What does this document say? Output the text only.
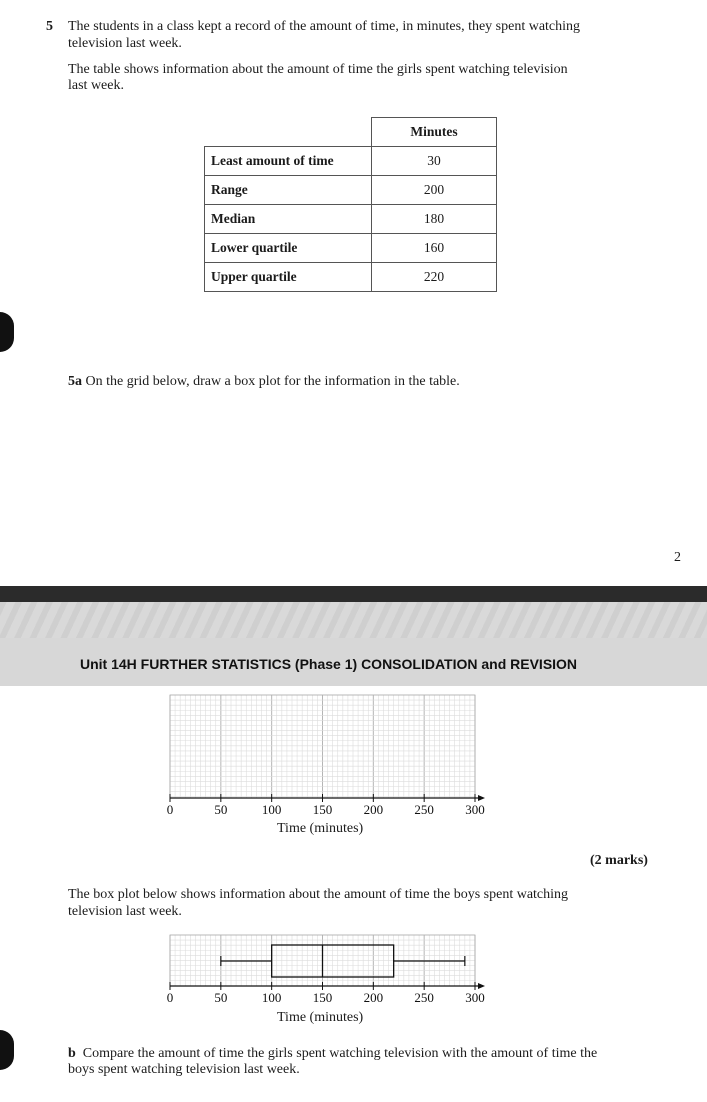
5 The students in a class kept a record of the amount of time, in minutes, they spent watching
television last week.
The table shows information about the amount of time the girls spent watching television
last week.
	Minutes
Least amount of time	30
Range	200
Median	180
Lower quartile	160
Upper quartile	220
5a On the grid below, draw a box plot for the information in the table.
2
Unit 14H FURTHER STATISTICS (Phase 1) CONSOLIDATION and REVISION
0	50	100 150 200 250 300
Time (minutes)
(2 marks)
The box plot below shows information about the amount of time the boys spent watching
television last week.
0	50	100 150 200 250 300
Time (minutes)
b Compare the amount of time the girls spent watching television with the amount of time the
boys spent watching television last week.
